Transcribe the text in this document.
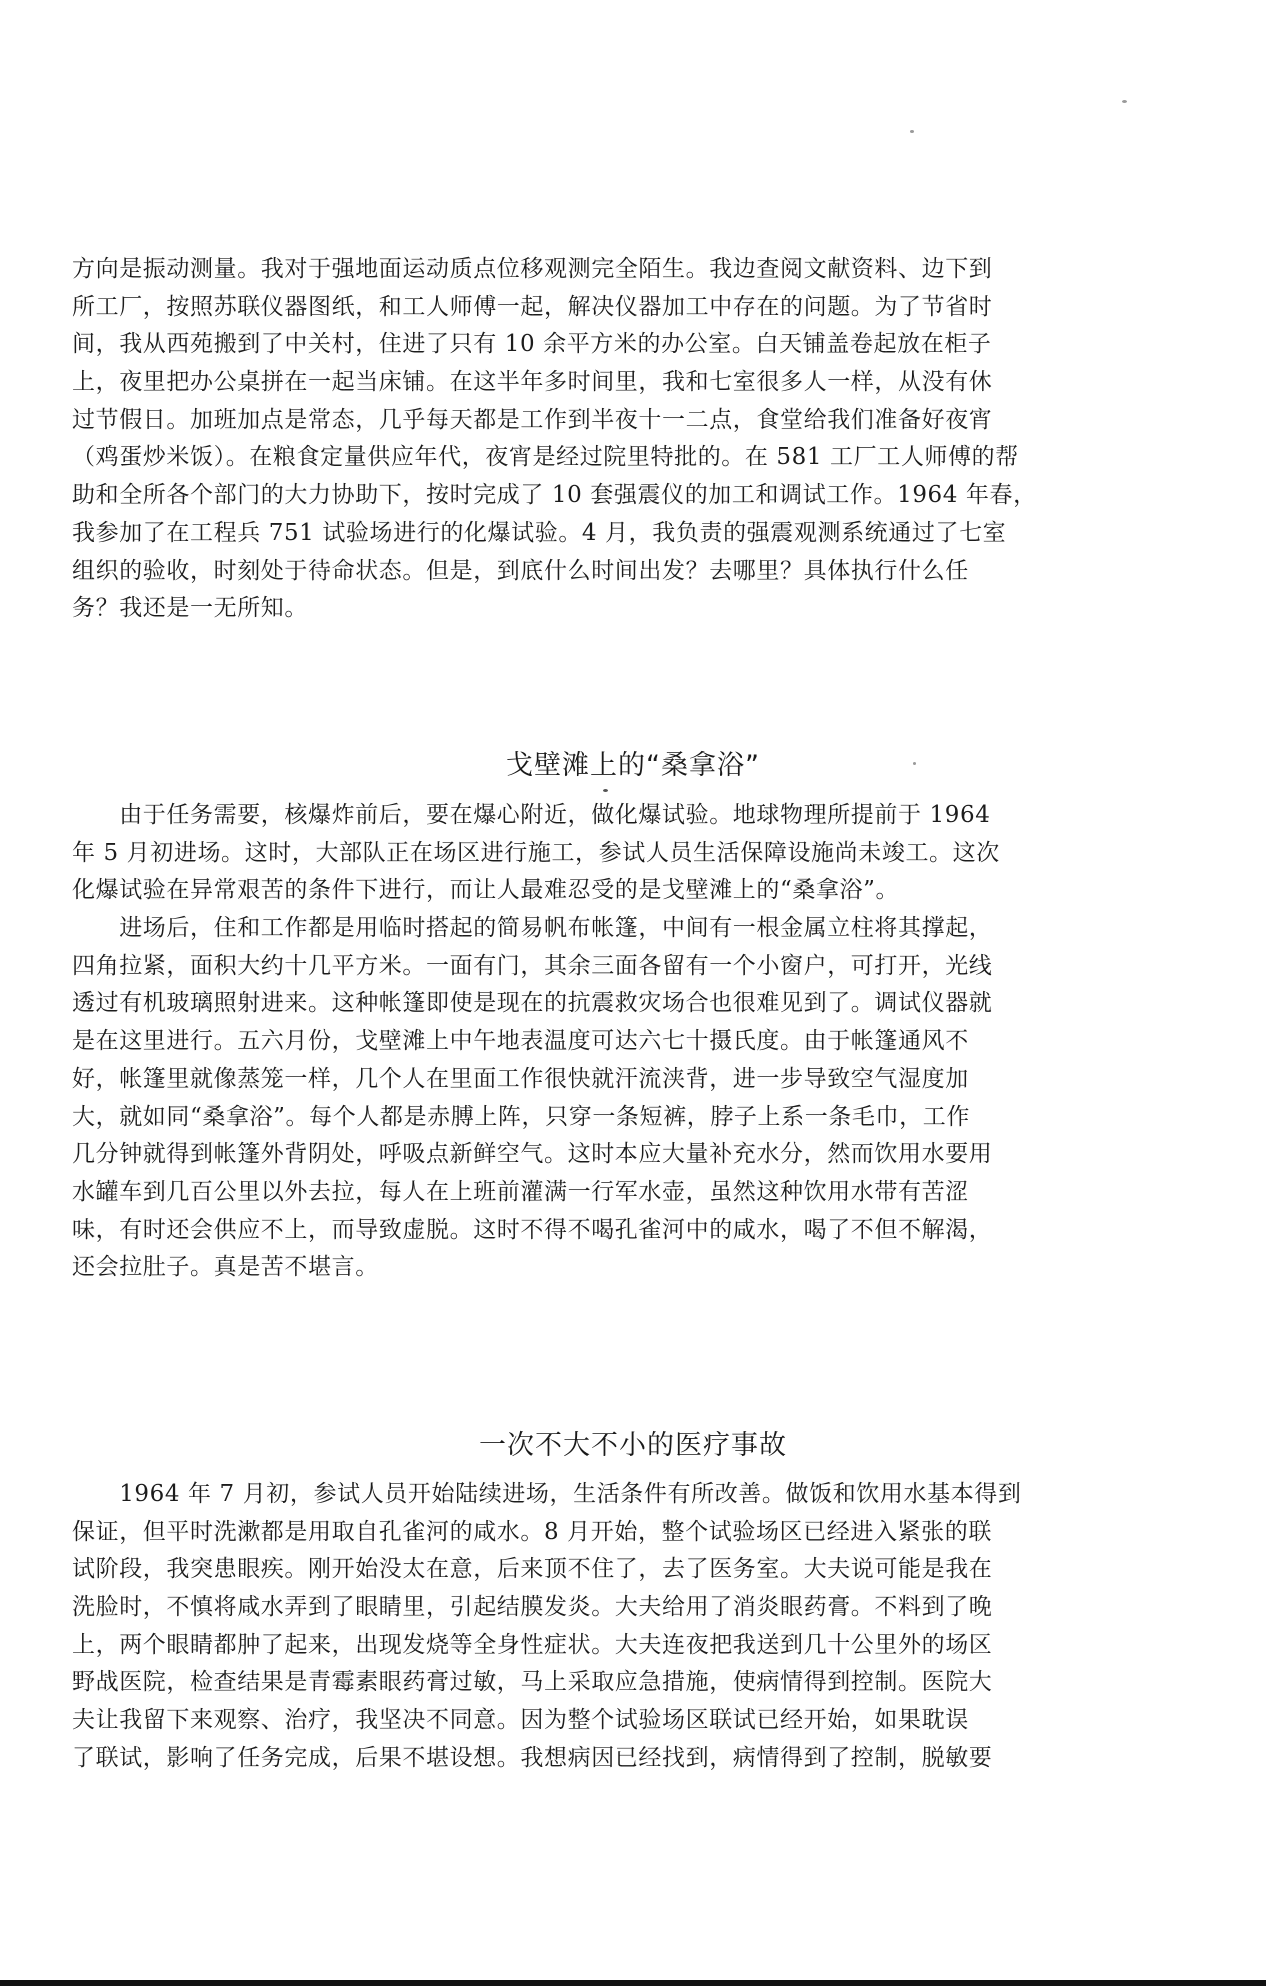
方向是振动测量。我对于强地面运动质点位移观测完全陌生。我边查阅文献资料、边下到
所工厂，按照苏联仪器图纸，和工人师傅一起，解决仪器加工中存在的问题。为了节省时
间，我从西苑搬到了中关村，住进了只有 10 余平方米的办公室。白天铺盖卷起放在柜子
上，夜里把办公桌拼在一起当床铺。在这半年多时间里，我和七室很多人一样，从没有休
过节假日。加班加点是常态，几乎每天都是工作到半夜十一二点，食堂给我们准备好夜宵
（鸡蛋炒米饭）。在粮食定量供应年代，夜宵是经过院里特批的。在 581 工厂工人师傅的帮
助和全所各个部门的大力协助下，按时完成了 10 套强震仪的加工和调试工作。1964 年春，
我参加了在工程兵 751 试验场进行的化爆试验。4 月，我负责的强震观测系统通过了七室
组织的验收，时刻处于待命状态。但是，到底什么时间出发？去哪里？具体执行什么任
务？我还是一无所知。
戈壁滩上的“桑拿浴”
　　由于任务需要，核爆炸前后，要在爆心附近，做化爆试验。地球物理所提前于 1964
年 5 月初进场。这时，大部队正在场区进行施工，参试人员生活保障设施尚未竣工。这次
化爆试验在异常艰苦的条件下进行，而让人最难忍受的是戈壁滩上的“桑拿浴”。
　　进场后，住和工作都是用临时搭起的简易帆布帐篷，中间有一根金属立柱将其撑起，
四角拉紧，面积大约十几平方米。一面有门，其余三面各留有一个小窗户，可打开，光线
透过有机玻璃照射进来。这种帐篷即使是现在的抗震救灾场合也很难见到了。调试仪器就
是在这里进行。五六月份，戈壁滩上中午地表温度可达六七十摄氏度。由于帐篷通风不
好，帐篷里就像蒸笼一样，几个人在里面工作很快就汗流浃背，进一步导致空气湿度加
大，就如同“桑拿浴”。每个人都是赤膊上阵，只穿一条短裤，脖子上系一条毛巾，工作
几分钟就得到帐篷外背阴处，呼吸点新鲜空气。这时本应大量补充水分，然而饮用水要用
水罐车到几百公里以外去拉，每人在上班前灌满一行军水壶，虽然这种饮用水带有苦涩
味，有时还会供应不上，而导致虚脱。这时不得不喝孔雀河中的咸水，喝了不但不解渴，
还会拉肚子。真是苦不堪言。
一次不大不小的医疗事故
　　1964 年 7 月初，参试人员开始陆续进场，生活条件有所改善。做饭和饮用水基本得到
保证，但平时洗漱都是用取自孔雀河的咸水。8 月开始，整个试验场区已经进入紧张的联
试阶段，我突患眼疾。刚开始没太在意，后来顶不住了，去了医务室。大夫说可能是我在
洗脸时，不慎将咸水弄到了眼睛里，引起结膜发炎。大夫给用了消炎眼药膏。不料到了晚
上，两个眼睛都肿了起来，出现发烧等全身性症状。大夫连夜把我送到几十公里外的场区
野战医院，检查结果是青霉素眼药膏过敏，马上采取应急措施，使病情得到控制。医院大
夫让我留下来观察、治疗，我坚决不同意。因为整个试验场区联试已经开始，如果耽误
了联试，影响了任务完成，后果不堪设想。我想病因已经找到，病情得到了控制，脱敏要
